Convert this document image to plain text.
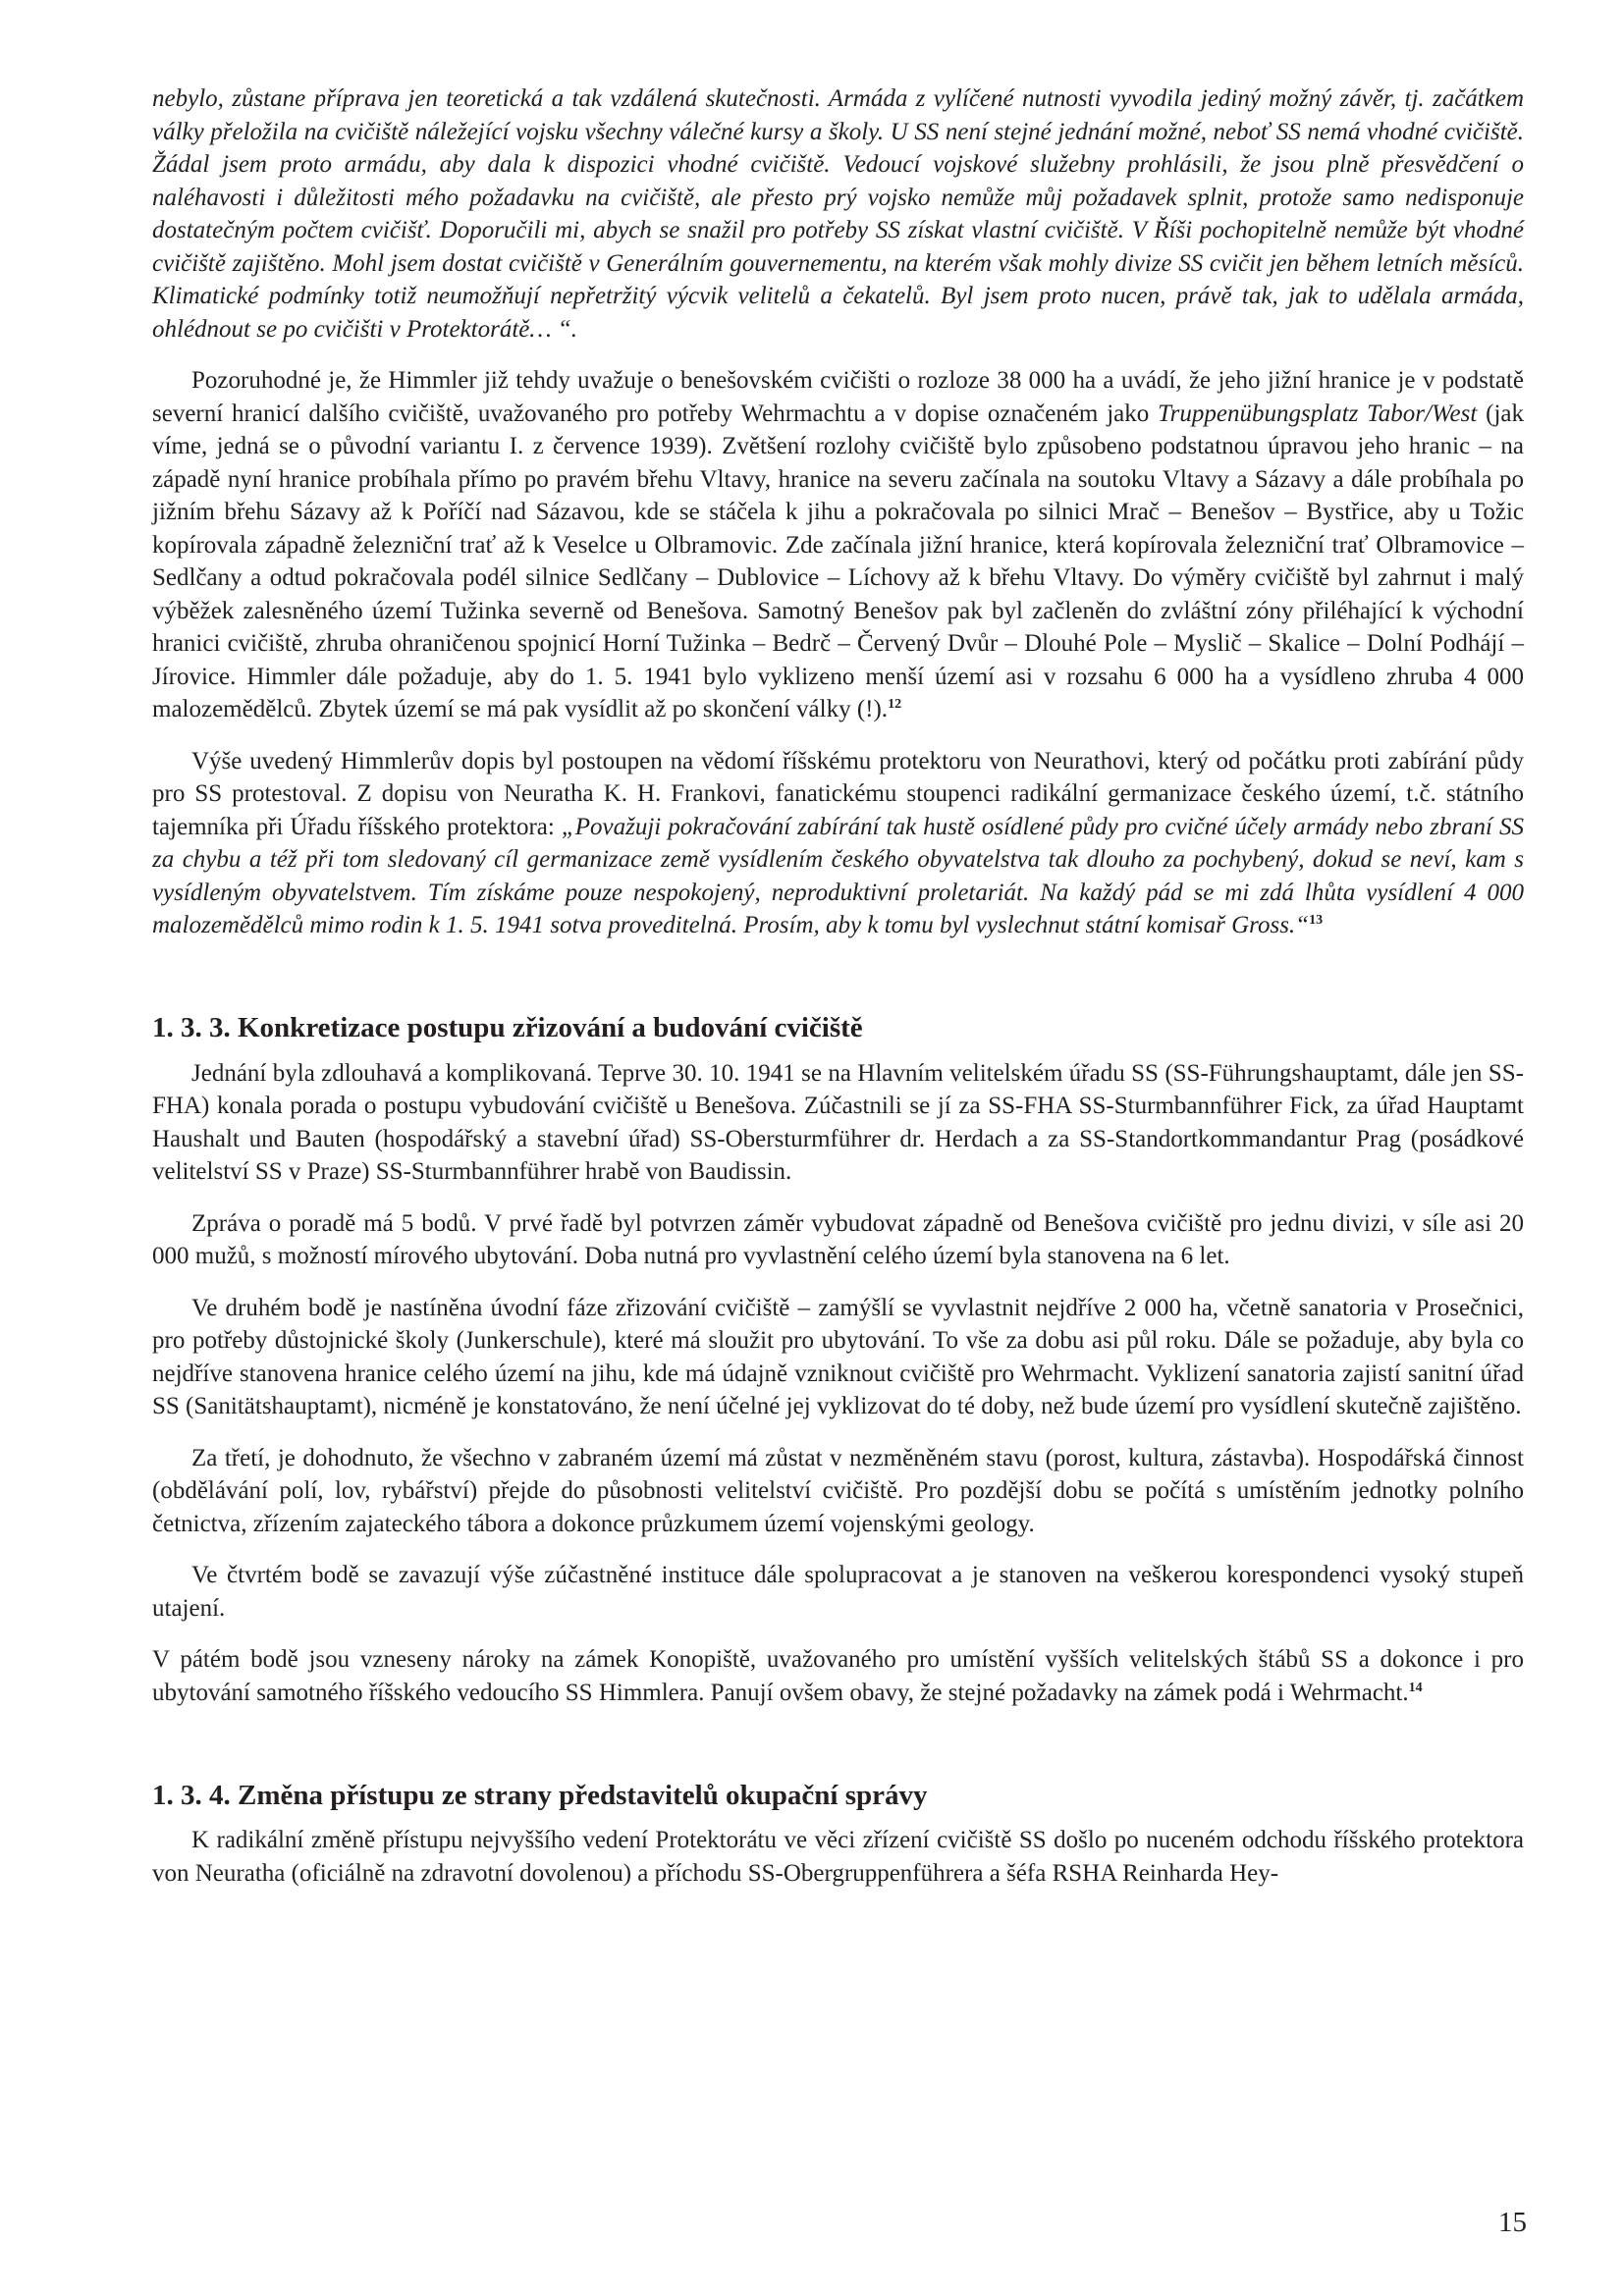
nebylo, zůstane příprava jen teoretická a tak vzdálená skutečnosti. Armáda z vylíčené nutnosti vyvodila jediný možný závěr, tj. začátkem války přeložila na cvičiště náležející vojsku všechny válečné kursy a školy. U SS není stejné jednání možné, neboť SS nemá vhodné cvičiště. Žádal jsem proto armádu, aby dala k dispozici vhodné cvičiště. Vedoucí vojskové služebny prohlásili, že jsou plně přesvědčení o naléhavosti i důležitosti mého požadavku na cvičiště, ale přesto prý vojsko nemůže můj požadavek splnit, protože samo nedisponuje dostatečným počtem cvičišť. Doporučili mi, abych se snažil pro potřeby SS získat vlastní cvičiště. V Říši pochopitelně nemůže být vhodné cvičiště zajištěno. Mohl jsem dostat cvičiště v Generálním gouvernementu, na kterém však mohly divize SS cvičit jen během letních měsíců. Klimatické podmínky totiž neumožňují nepřetržitý výcvik velitelů a čekatelů. Byl jsem proto nucen, právě tak, jak to udělala armáda, ohlédnout se po cvičišti v Protektorátě… “.

Pozoruhodné je, že Himmler již tehdy uvažuje o benešovském cvičišti o rozloze 38 000 ha a uvádí, že jeho jižní hranice je v podstatě severní hranicí dalšího cvičiště, uvažovaného pro potřeby Wehrmachtu a v dopise označeném jako Truppenübungsplatz Tabor/West (jak víme, jedná se o původní variantu I. z července 1939). Zvětšení rozlohy cvičiště bylo způsobeno podstatnou úpravou jeho hranic – na západě nyní hranice probíhala přímo po pravém břehu Vltavy, hranice na severu začínala na soutoku Vltavy a Sázavy a dále probíhala po jižním břehu Sázavy až k Poříčí nad Sázavou, kde se stáčela k jihu a pokračovala po silnici Mrač – Benešov – Bystřice, aby u Tožic kopírovala západně železniční trať až k Veselce u Olbramovic. Zde začínala jižní hranice, která kopírovala železniční trať Olbramovice – Sedlčany a odtud pokračovala podél silnice Sedlčany – Dublovice – Líchovy až k břehu Vltavy. Do výměry cvičiště byl zahrnut i malý výběžek zalesněného území Tužinka severně od Benešova. Samotný Benešov pak byl začleněn do zvláštní zóny přiléhající k východní hranici cvičiště, zhruba ohraničenou spojnicí Horní Tužinka – Bedrč – Červený Dvůr – Dlouhé Pole – Myslič – Skalice – Dolní Podhájí – Jírovice. Himmler dále požaduje, aby do 1. 5. 1941 bylo vyklizeno menší území asi v rozsahu 6 000 ha a vysídleno zhruba 4 000 malozemědělců. Zbytek území se má pak vysídlit až po skončení války (!).$^{12}$

Výše uvedený Himmlerův dopis byl postoupen na vědomí říšskému protektoru von Neurathovi, který od počátku proti zabírání půdy pro SS protestoval. Z dopisu von Neuratha K. H. Frankovi, fanatickému stoupenci radikální germanizace českého území, t.č. státního tajemníka při Úřadu říšského protektora: „Považuji pokračování zabírání tak hustě osídlené půdy pro cvičné účely armády nebo zbraní SS za chybu a též při tom sledovaný cíl germanizace země vysídlením českého obyvatelstva tak dlouho za pochybený, dokud se neví, kam s vysídleným obyvatelstvem. Tím získáme pouze nespokojený, neproduktivní proletariát. Na každý pád se mi zdá lhůta vysídlení 4 000 malozemědělců mimo rodin k 1. 5. 1941 sotva proveditelná. Prosím, aby k tomu byl vyslechnut státní komisař Gross.“$^{13}$

1. 3. 3. Konkretizace postupu zřizování a budování cvičiště

Jednání byla zdlouhavá a komplikovaná. Teprve 30. 10. 1941 se na Hlavním velitelském úřadu SS (SS-Führungshauptamt, dále jen SS-FHA) konala porada o postupu vybudování cvičiště u Benešova. Zúčastnili se jí za SS-FHA SS-Sturmbannführer Fick, za úřad Hauptamt Haushalt und Bauten (hospodářský a stavební úřad) SS-Obersturmführer dr. Herdach a za SS-Standortkommandantur Prag (posádkové velitelství SS v Praze) SS-Sturmbannführer hrabě von Baudissin.

Zpráva o poradě má 5 bodů. V prvé řadě byl potvrzen záměr vybudovat západně od Benešova cvičiště pro jednu divizi, v síle asi 20 000 mužů, s možností mírového ubytování. Doba nutná pro vyvlastnění celého území byla stanovena na 6 let.

Ve druhém bodě je nastíněna úvodní fáze zřizování cvičiště – zamýšlí se vyvlastnit nejdříve 2 000 ha, včetně sanatoria v Prosečnici, pro potřeby důstojnické školy (Junkerschule), které má sloužit pro ubytování. To vše za dobu asi půl roku. Dále se požaduje, aby byla co nejdříve stanovena hranice celého území na jihu, kde má údajně vzniknout cvičiště pro Wehrmacht. Vyklizení sanatoria zajistí sanitní úřad SS (Sanitätshauptamt), nicméně je konstatováno, že není účelné jej vyklizovat do té doby, než bude území pro vysídlení skutečně zajištěno.

Za třetí, je dohodnuto, že všechno v zabraném území má zůstat v nezměněném stavu (porost, kultura, zástavba). Hospodářská činnost (obdělávání polí, lov, rybářství) přejde do působnosti velitelství cvičiště. Pro pozdější dobu se počítá s umístěním jednotky polního četnictva, zřízením zajateckého tábora a dokonce průzkumem území vojenskými geology.

Ve čtvrtém bodě se zavazují výše zúčastněné instituce dále spolupracovat a je stanoven na veškerou korespondenci vysoký stupeň utajení.

V pátém bodě jsou vzneseny nároky na zámek Konopiště, uvažovaného pro umístění vyšších velitelských štábů SS a dokonce i pro ubytování samotného říšského vedoucího SS Himmlera. Panují ovšem obavy, že stejné požadavky na zámek podá i Wehrmacht.$^{14}$

1. 3. 4. Změna přístupu ze strany představitelů okupační správy

K radikální změně přístupu nejvyššího vedení Protektorátu ve věci zřízení cvičiště SS došlo po nuceném odchodu říšského protektora von Neuratha (oficiálně na zdravotní dovolenou) a příchodu SS-Obergruppenführera a šéfa RSHA Reinharda Hey-

15
